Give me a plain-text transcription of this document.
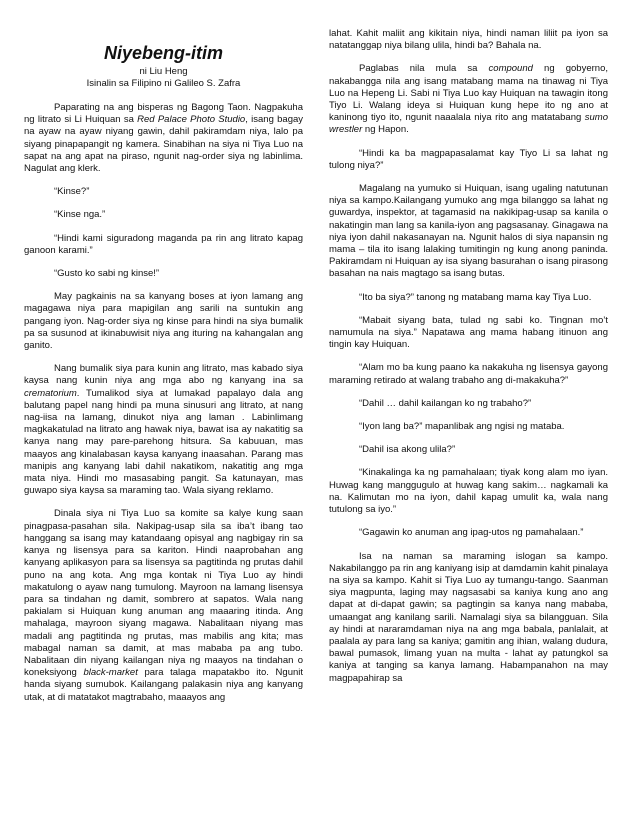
Niyebeng-itim
ni Liu Heng
Isinalin sa Filipino ni Galileo S. Zafra

Paparating na ang bisperas ng Bagong Taon. Nagpakuha ng litrato si Li Huiquan sa Red Palace Photo Studio, isang bagay na ayaw na ayaw niyang gawin, dahil pakiramdam niya, lalo pa siyang pinapapangit ng kamera. Sinabihan na siya ni Tiya Luo na sapat na ang apat na piraso, ngunit nag-order siya ng labinlima. Nagulat ang klerk.

“Kinse?”

“Kinse nga.”

“Hindi kami siguradong maganda pa rin ang litrato kapag ganoon karami.”

“Gusto ko sabi ng kinse!”

May pagkainis na sa kanyang boses at iyon lamang ang magagawa niya para mapigilan ang sarili na suntukin ang pangang iyon. Nag-order siya ng kinse para hindi na siya bumalik pa sa susunod at ikinabuwisit niya ang ituring na kahangalan ang ganito.

Nang bumalik siya para kunin ang litrato, mas kabado siya kaysa nang kunin niya ang mga abo ng kanyang ina sa crematorium. Tumalikod siya at lumakad papalayo dala ang balutang papel nang hindi pa muna sinusuri ang litrato, at nang nag-iisa na lamang, dinukot niya ang laman . Labinlimang magkakatulad na litrato ang hawak niya, bawat isa ay nakatitig sa kanya nang may pare-parehong hitsura. Sa kabuuan, mas maayos ang kinalabasan kaysa kanyang inaasahan. Parang mas manipis ang kanyang labi dahil nakatikom, nakatitig ang mga mata niya. Hindi mo masasabing pangit. Sa katunayan, mas guwapo siya kaysa sa maraming tao. Wala siyang reklamo.

Dinala siya ni Tiya Luo sa komite sa kalye kung saan pinagpasa-pasahan sila. Nakipag-usap sila sa iba’t ibang tao hanggang sa isang may katandaang opisyal ang nagbigay rin sa kanya ng lisensya para sa kariton. Hindi naaprobahan ang kanyang aplikasyon para sa lisensya sa pagtitinda ng prutas dahil puno na ang kota. Ang mga kontak ni Tiya Luo ay hindi makatulong o ayaw nang tumulong. Mayroon na lamang lisensya para sa tindahan ng damit, sombrero at sapatos. Wala nang pakialam si Huiquan kung anuman ang maaaring itinda. Ang mahalaga, mayroon siyang magawa. Nabalitaan niyang mas madali ang pagtitinda ng prutas, mas mabilis ang kita; mas mabagal naman sa damit, at mas mababa pa ang tubo. Nabalitaan din niyang kailangan niya ng maayos na tindahan o koneksiyong black-market para talaga mapatakbo ito. Ngunit handa siyang sumubok. Kailangang palakasin niya ang kanyang utak, at di matatakot magtrabaho, maaayos ang

lahat. Kahit maliit ang kikitain niya, hindi naman liliit pa iyon sa natatanggap niya bilang ulila, hindi ba? Bahala na.

Paglabas nila mula sa compound ng gobyerno, nakabangga nila ang isang matabang mama na tinawag ni Tiya Luo na Hepeng Li. Sabi ni Tiya Luo kay Huiquan na tawagin itong Tiyo Li. Walang ideya si Huiquan kung hepe ito ng ano at kaninong tiyo ito, ngunit naaalala niya rito ang matatabang sumo wrestler ng Hapon.

“Hindi ka ba magpapasalamat kay Tiyo Li sa lahat ng tulong niya?”

Magalang na yumuko si Huiquan, isang ugaling natutunan niya sa kampo.Kailangang yumuko ang mga bilanggo sa lahat ng guwardya, inspektor, at tagamasid na nakikipag-usap sa kanila o nakatingin man lang sa kanila-iyon ang pagsasanay. Ginagawa na niya iyon dahil nakasanayan na. Ngunit halos di siya napansin ng mama – tila ito isang lalaking tumitingin ng kung anong paninda. Pakiramdam ni Huiquan ay isa siyang basurahan o isang pirasong basahan na nais magtago sa isang butas.

“Ito ba siya?” tanong ng matabang mama kay Tiya Luo.

“Mabait siyang bata, tulad ng sabi ko. Tingnan mo’t namumula na siya.” Napatawa ang mama habang itinuon ang tingin kay Huiquan.

“Alam mo ba kung paano ka nakakuha ng lisensya gayong maraming retirado at walang trabaho ang di-makakuha?”

“Dahil … dahil kailangan ko ng trabaho?”

“Iyon lang ba?” mapanlibak ang ngisi ng mataba.

“Dahil isa akong ulila?”

“Kinakalinga ka ng pamahalaan; tiyak kong alam mo iyan. Huwag kang manggugulo at huwag kang sakim… nagkamali ka na. Kalimutan mo na iyon, dahil kapag umulit ka, wala nang tutulong sa iyo.”

“Gagawin ko anuman ang ipag-utos ng pamahalaan.”

Isa na naman sa maraming islogan sa kampo. Nakabilanggo pa rin ang kaniyang isip at damdamin kahit pinalaya na siya sa kampo. Kahit si Tiya Luo ay tumangu-tango. Saanman siya magpunta, laging may nagsasabi sa kaniya kung ano ang dapat at di-dapat gawin; sa pagtingin sa kanya nang mababa, umaangat ang kanilang sarili. Namalagi siya sa bilangguan. Sila ay hindi at nararamdaman niya na ang mga babala, panlalait, at paalala ay para lang sa kaniya; gamitin ang ihian, walang dudura, bawal pumasok, limang yuan na multa - lahat ay patungkol sa kaniya at tanging sa kanya lamang. Habampanahon na may magpapahirap sa
